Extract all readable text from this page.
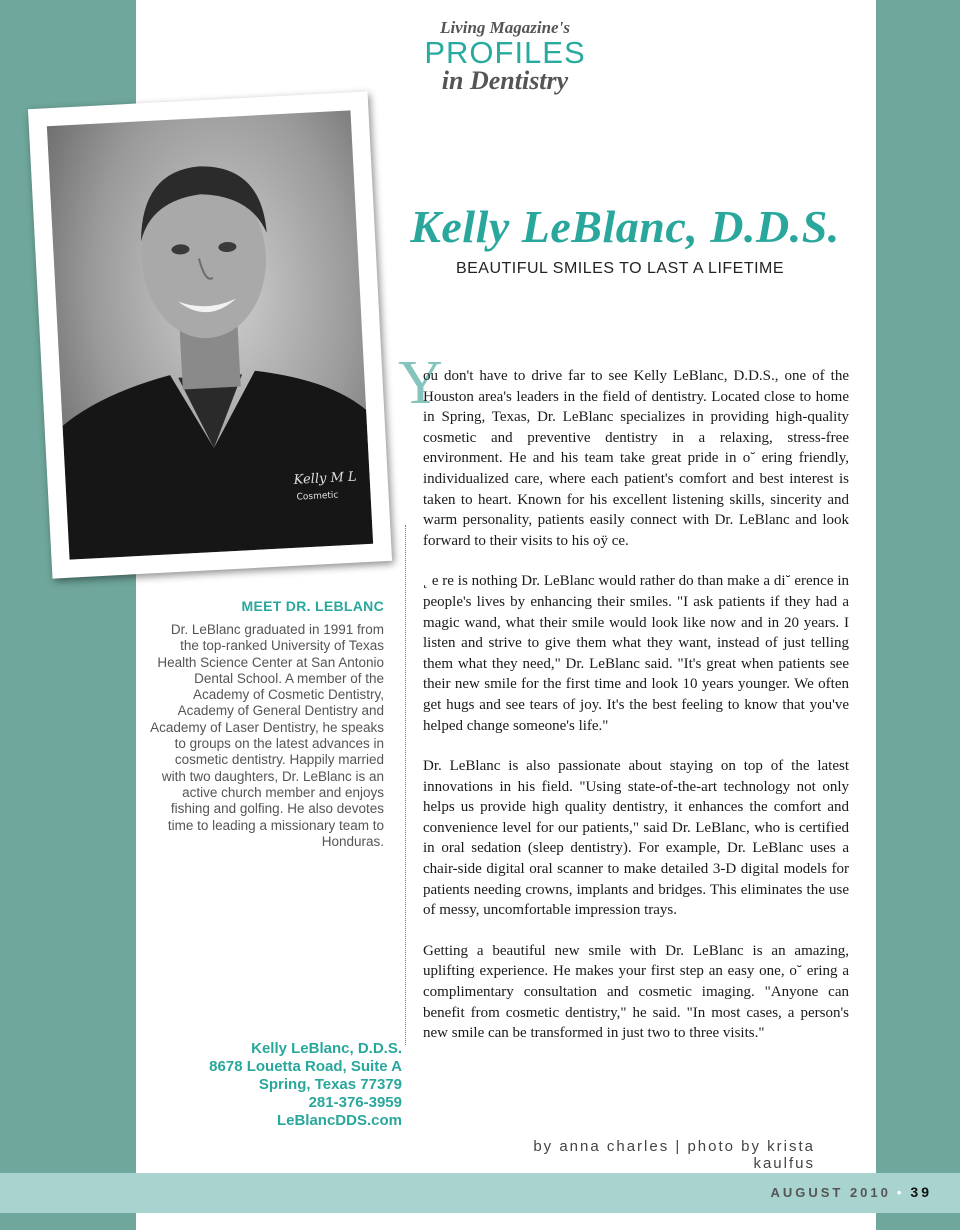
Living Magazine's
PROFILES
in Dentistry
Kelly M L
Cosmetic
Kelly LeBlanc, D.D.S.
BEAUTIFUL SMILES TO LAST A LIFETIME
Y

ou don't have to drive far to see Kelly LeBlanc, D.D.S., one of the Houston area's leaders in the field of dentistry. Located close to home in Spring, Texas, Dr. LeBlanc specializes in providing high-quality cosmetic and preventive dentistry in a relaxing, stress-free environment. He and his team take great pride in o˘ ering friendly, individualized care, where each patient's comfort and best interest is taken to heart. Known for his excellent listening skills, sincerity and warm personality, patients easily connect with Dr. LeBlanc and look forward to their visits to his oÿ ce.

˛ e re is nothing Dr. LeBlanc would rather do than make a di˘ erence in people's lives by enhancing their smiles. "I ask patients if they had a magic wand, what their smile would look like now and in 20 years. I listen and strive to give them what they want, instead of just telling them what they need," Dr. LeBlanc said. "It's great when patients see their new smile for the first time and look 10 years younger. We often get hugs and see tears of joy. It's the best feeling to know that you've helped change someone's life."

Dr. LeBlanc is also passionate about staying on top of the latest innovations in his field. "Using state-of-the-art technology not only helps us provide high quality dentistry, it enhances the comfort and convenience level for our patients," said Dr. LeBlanc, who is certified in oral sedation (sleep dentistry). For example, Dr. LeBlanc uses a chair-side digital oral scanner to make detailed 3-D digital models for patients needing crowns, implants and bridges. This eliminates the use of messy, uncomfortable impression trays.

Getting a beautiful new smile with Dr. LeBlanc is an amazing, uplifting experience. He makes your first step an easy one, o˘ ering a complimentary consultation and cosmetic imaging. "Anyone can benefit from cosmetic dentistry," he said. "In most cases, a person's new smile can be transformed in just two to three visits."

MEET DR. LEBLANC
Dr. LeBlanc graduated in 1991 from the top-ranked University of Texas Health Science Center at San Antonio Dental School. A member of the Academy of Cosmetic Dentistry, Academy of General Dentistry and Academy of Laser Dentistry, he speaks to groups on the latest advances in cosmetic dentistry. Happily married with two daughters, Dr. LeBlanc is an active church member and enjoys fishing and golfing. He also devotes time to leading a missionary team to Honduras.
Kelly LeBlanc, D.D.S.
8678 Louetta Road, Suite A
Spring, Texas 77379
281-376-3959
LeBlancDDS.com
by anna charles | photo by krista kaulfus
AUGUST 2010 • 39
